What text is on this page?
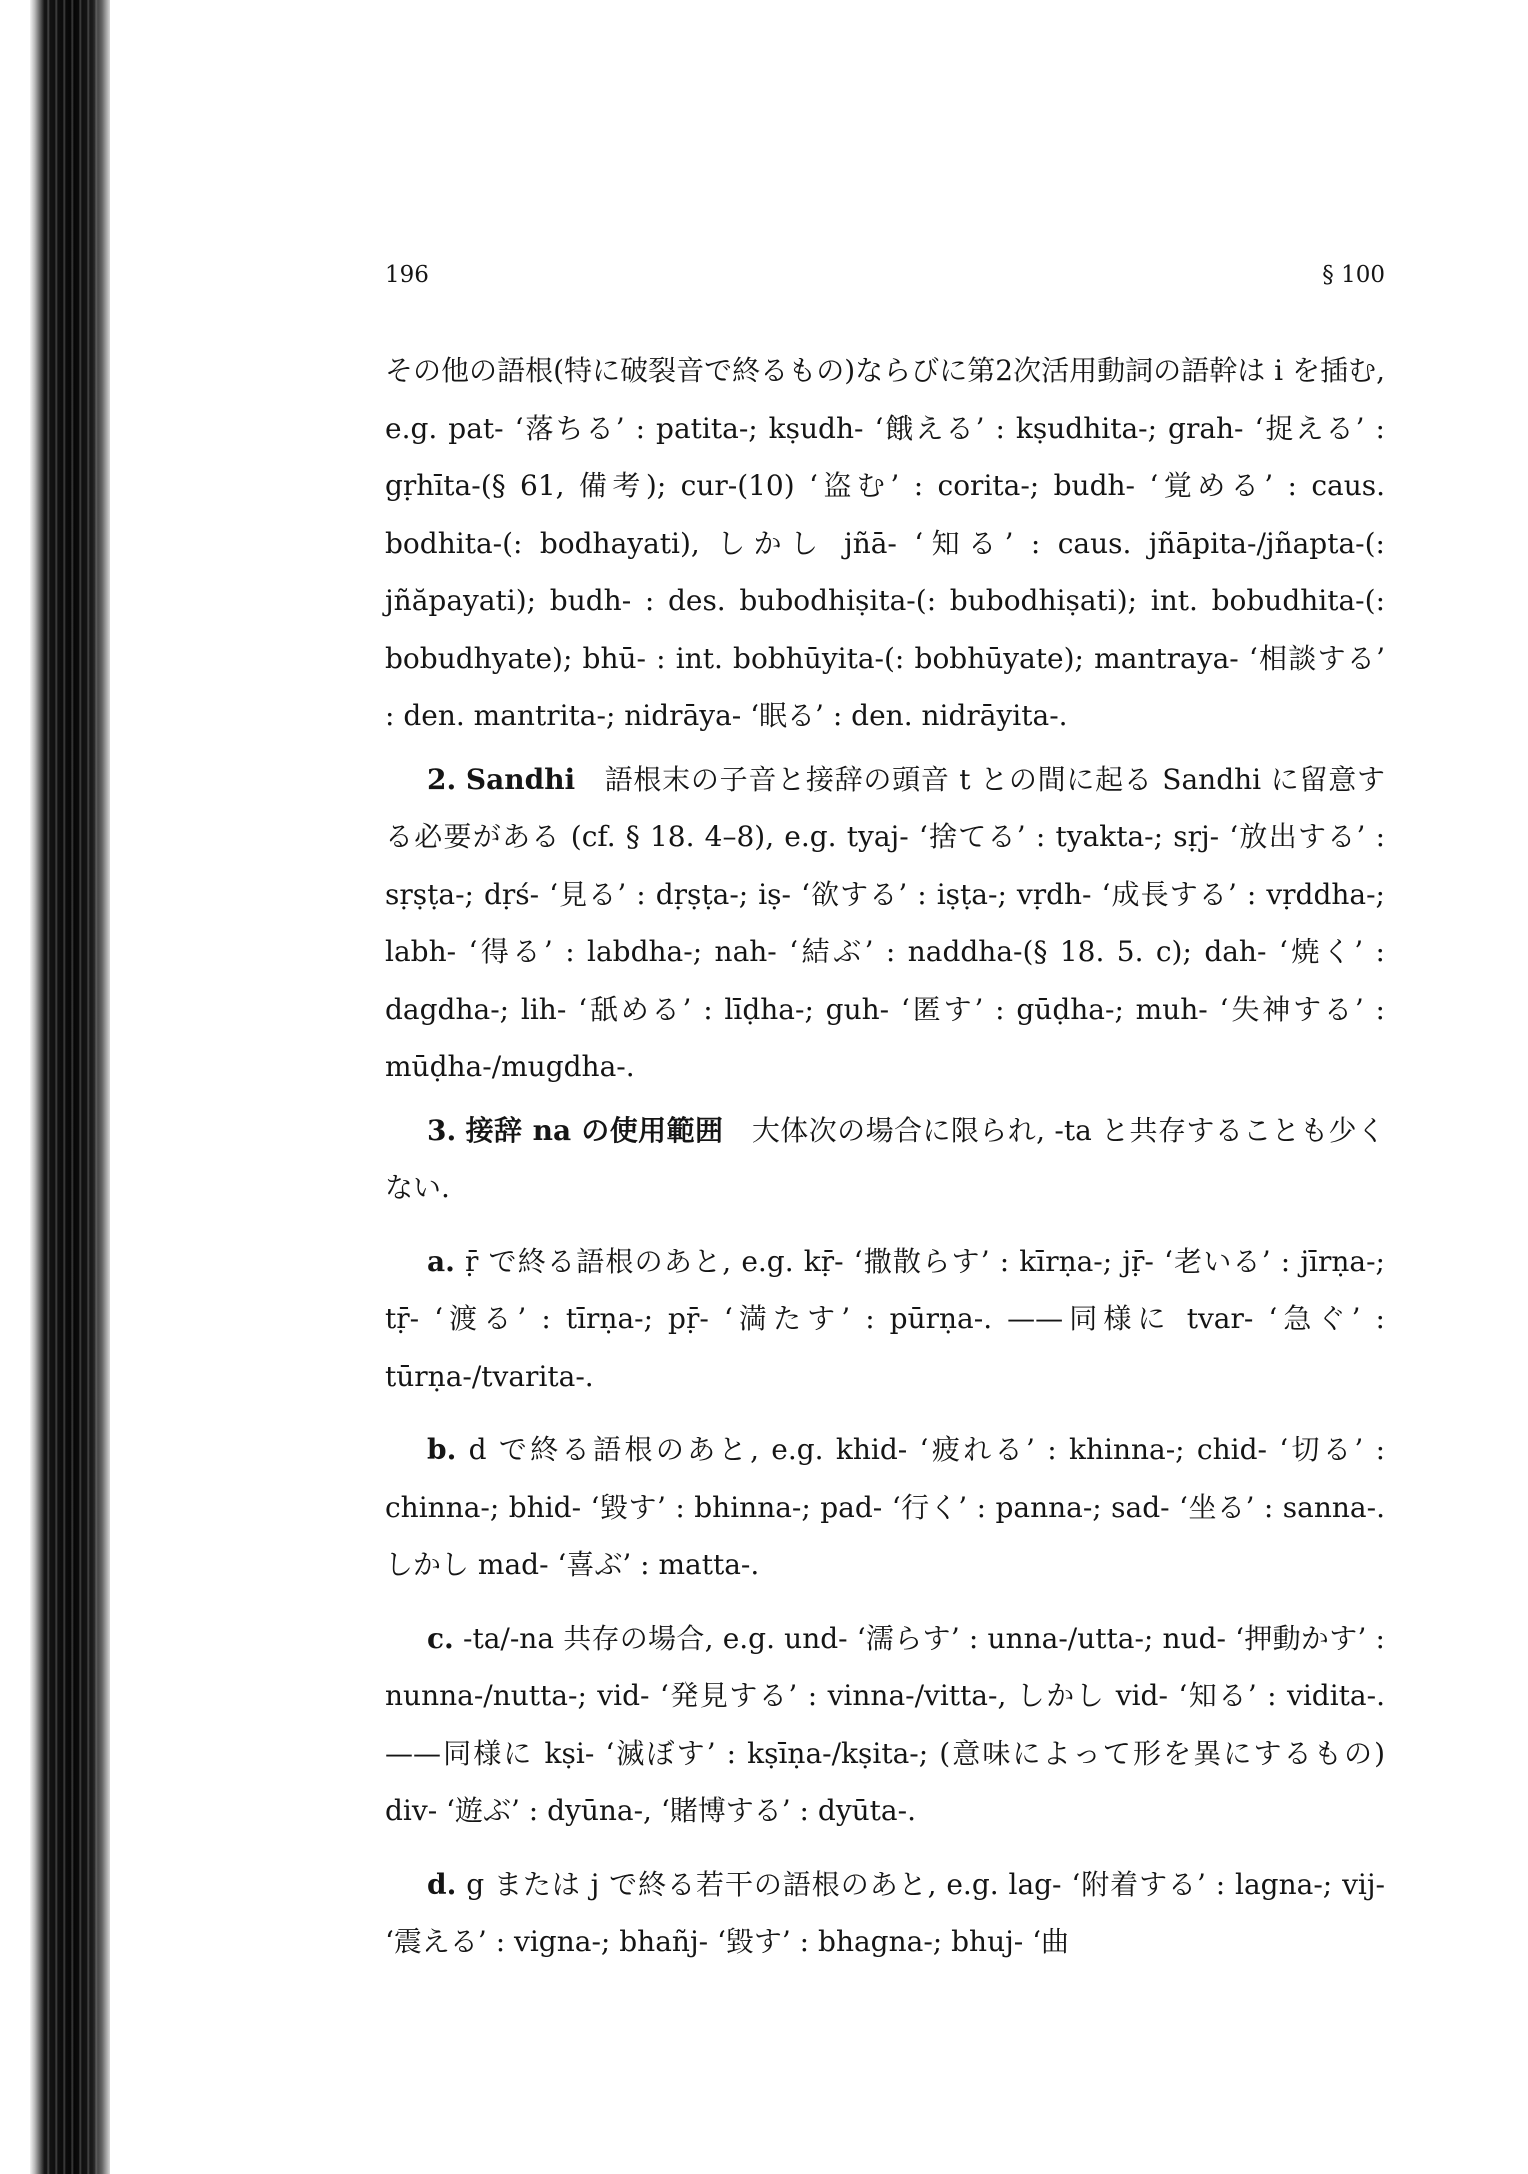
196	§ 100

その他の語根(特に破裂音で終るもの)ならびに第2次活用動詞の語幹は i を插む, e.g. pat- ‘落ちる’ : patita-; kṣudh- ‘餓える’ : kṣudhita-; grah- ‘捉える’ : gṛhīta-(§ 61, 備考); cur-(10) ‘盗む’ : corita-; budh- ‘覚める’ : caus. bodhita-(: bodhayati), しかし jñā- ‘知る’ : caus. jñāpita-/jñapta-(: jñăpayati); budh- : des. bubodhiṣita-(: bubodhiṣati); int. bobudhita-(: bobudhyate); bhū- : int. bobhūyita-(: bobhūyate); mantraya- ‘相談する’ : den. mantrita-; nidrāya- ‘眠る’ : den. nidrāyita-.

2. Sandhi　 語根末の子音と接辞の頭音 t との間に起る Sandhi に留意する必要がある (cf. § 18. 4–8), e.g. tyaj- ‘捨てる’ : tyakta-; sṛj- ‘放出する’ : sṛṣṭa-; dṛś- ‘見る’ : dṛṣṭa-; iṣ- ‘欲する’ : iṣṭa-; vṛdh- ‘成長する’ : vṛddha-; labh- ‘得る’ : labdha-; nah- ‘結ぶ’ : naddha-(§ 18. 5. c); dah- ‘焼く’ : dagdha-; lih- ‘舐める’ : līḍha-; guh- ‘匿す’ : gūḍha-; muh- ‘失神する’ : mūḍha-/mugdha-.

3. 接辞 na の使用範囲　 大体次の場合に限られ, -ta と共存することも少くない.

a. ṝ で終る語根のあと, e.g. kṝ- ‘撒散らす’ : kīrṇa-; jṝ- ‘老いる’ : jīrṇa-; tṝ- ‘渡る’ : tīrṇa-; pṝ- ‘満たす’ : pūrṇa-. ——同様に tvar- ‘急ぐ’ : tūrṇa-/tvarita-.

b. d で終る語根のあと, e.g. khid- ‘疲れる’ : khinna-; chid- ‘切る’ : chinna-; bhid- ‘毀す’ : bhinna-; pad- ‘行く’ : panna-; sad- ‘坐る’ : sanna-. しかし mad- ‘喜ぶ’ : matta-.

c. -ta/-na 共存の場合, e.g. und- ‘濡らす’ : unna-/utta-; nud- ‘押動かす’ : nunna-/nutta-; vid- ‘発見する’ : vinna-/vitta-, しかし vid- ‘知る’ : vidita-. ——同様に kṣi- ‘滅ぼす’ : kṣīṇa-/kṣita-; (意味によって形を異にするもの) div- ‘遊ぶ’ : dyūna-, ‘賭博する’ : dyūta-.

d. g または j で終る若干の語根のあと, e.g. lag- ‘附着する’ : lagna-; vij- ‘震える’ : vigna-; bhañj- ‘毀す’ : bhagna-; bhuj- ‘曲
